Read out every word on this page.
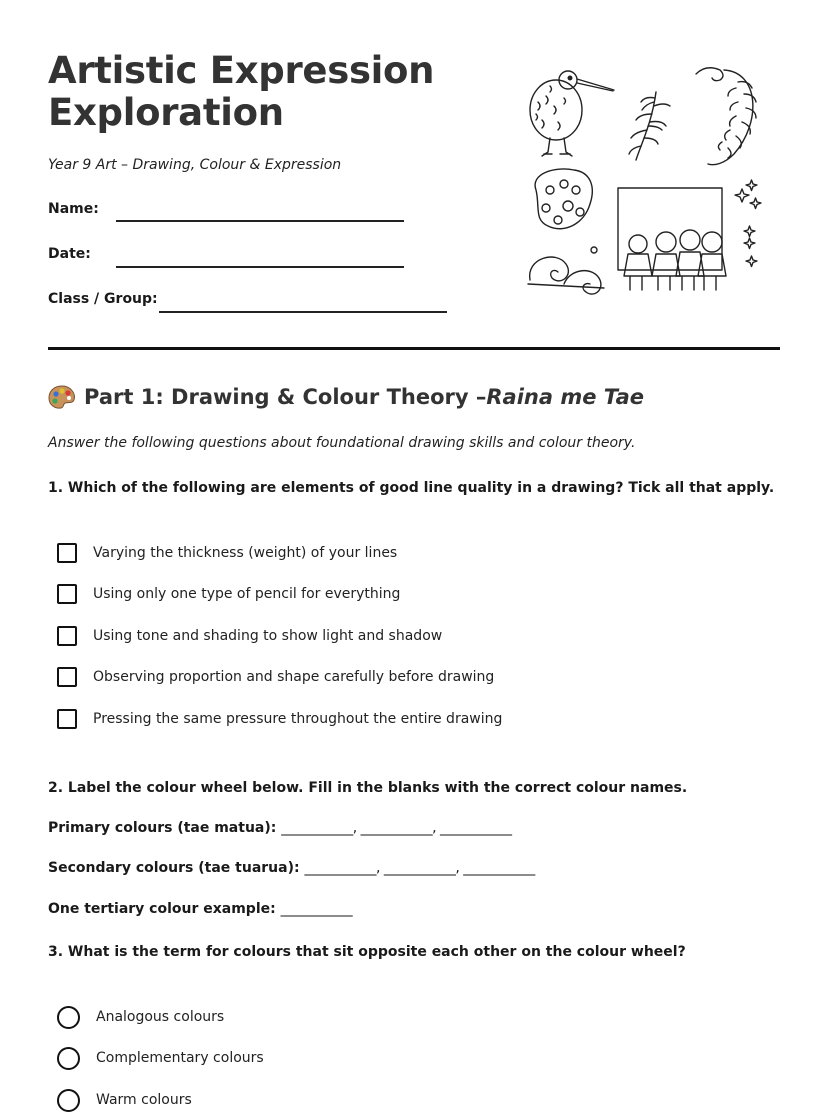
Artistic Expression
Exploration
Year 9 Art – Drawing, Colour & Expression
Name:
Date:
Class / Group:
Part 1: Drawing & Colour Theory – Raina me Tae
Answer the following questions about foundational drawing skills and colour theory.
1. Which of the following are elements of good line quality in a drawing? Tick all that apply.
Varying the thickness (weight) of your lines
Using only one type of pencil for everything
Using tone and shading to show light and shadow
Observing proportion and shape carefully before drawing
Pressing the same pressure throughout the entire drawing
2. Label the colour wheel below. Fill in the blanks with the correct colour names.
Primary colours (tae matua): ___________, ___________, ___________
Secondary colours (tae tuarua): ___________, ___________, ___________
One tertiary colour example: ___________
3. What is the term for colours that sit opposite each other on the colour wheel?
Analogous colours
Complementary colours
Warm colours
